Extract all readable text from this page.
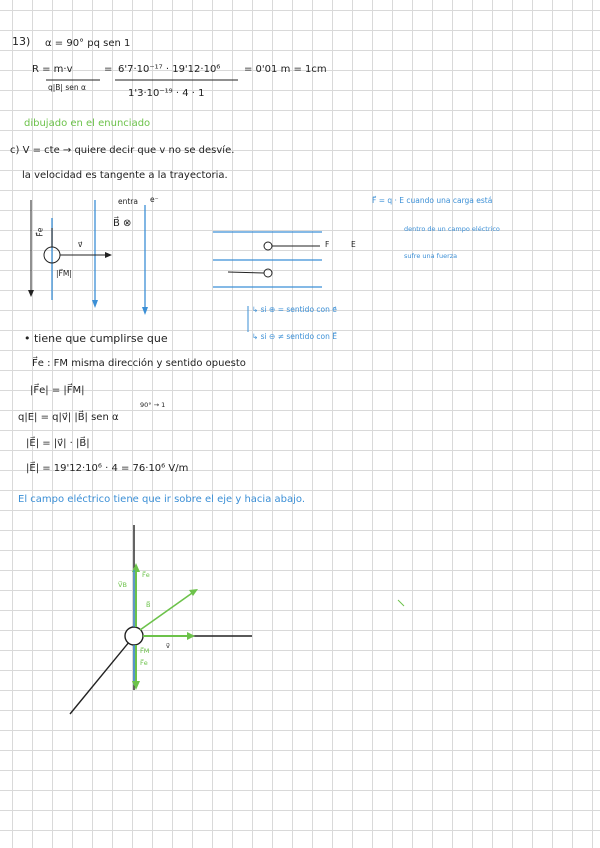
13) α = 90° pq sen 1
R = m·v
q|B| sen α
= 6'7·10⁻¹⁷ · 19'12·10⁶
1'3·10⁻¹⁹ · 4 · 1
= 0'01 m = 1cm
dibujado en el enunciado
c) V = cte → quiere decir que v no se desvíe.
la velocidad es tangente a la trayectoria.
entra
B⃗ ⊗
e⁻
F⃗e
v⃗
|F⃗M|
F	E
↳ si ⊕ = sentido con e⃗
↳ si ⊖ ≠ sentido con E⃗
F⃗ = q · E cuando una carga está
dentro de un campo eléctrico
sufre una fuerza
• tiene que cumplirse que
F⃗e : FM misma dirección y sentido opuesto
|F⃗e| = |F⃗M|
q|E| = q|v⃗| |B⃗| sen α
90° → 1
|E⃗| = |v⃗| · |B⃗|
|E⃗| = 19'12·10⁶ · 4 = 76·10⁶ V/m
El campo eléctrico tiene que ir sobre el eje y hacia abajo.
V⃗B
F⃗e
B⃗
v⃗
F⃗M
F⃗e
